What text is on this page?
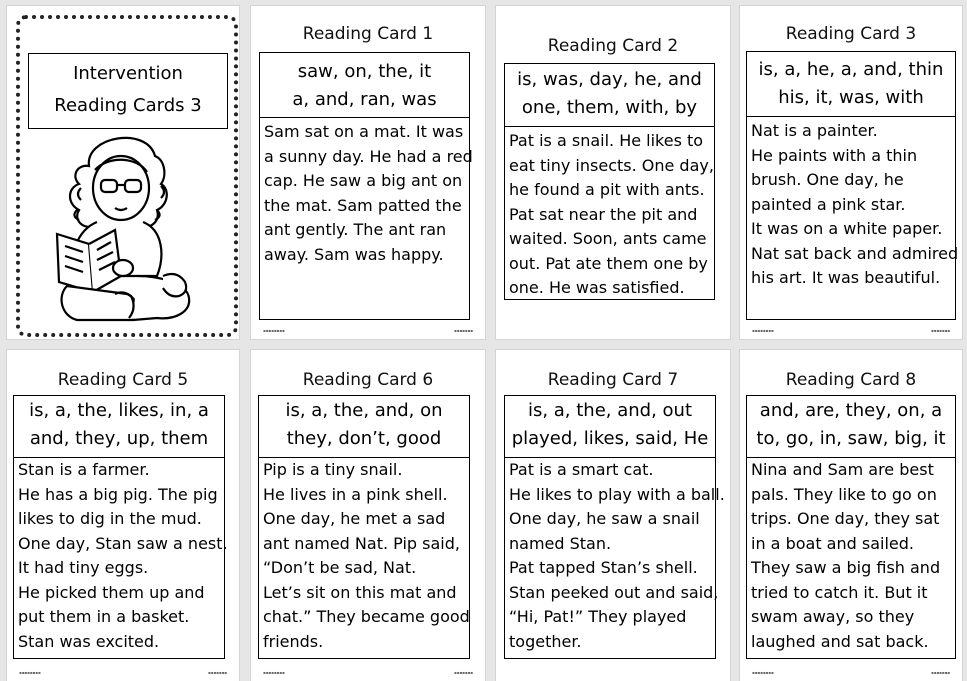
Intervention
Reading Cards 3
Reading Card 1
saw, on, the, it
a, and, ran, was
Sam sat on a mat. It was
a sunny day. He had a red
cap. He saw a big ant on
the mat. Sam patted the
ant gently. The ant ran
away. Sam was happy.
▪▪▪▪▪▪▪▪	▪▪▪▪▪▪▪
Reading Card 2
is, was, day, he, and
one, them, with, by
Pat is a snail. He likes to
eat tiny insects. One day,
he found a pit with ants.
Pat sat near the pit and
waited. Soon, ants came
out. Pat ate them one by
one. He was satisfied.
Reading Card 3
is, a, he, a, and, thin
his, it, was, with
Nat is a painter.
He paints with a thin
brush. One day, he
painted a pink star.
It was on a white paper.
Nat sat back and admired
his art. It was beautiful.
▪▪▪▪▪▪▪▪	▪▪▪▪▪▪▪
Reading Card 5
is, a, the, likes, in, a
and, they, up, them
Stan is a farmer.
He has a big pig. The pig
likes to dig in the mud.
One day, Stan saw a nest.
It had tiny eggs.
He picked them up and
put them in a basket.
Stan was excited.
▪▪▪▪▪▪▪▪	▪▪▪▪▪▪▪
Reading Card 6
is, a, the, and, on
they, don’t, good
Pip is a tiny snail.
He lives in a pink shell.
One day, he met a sad
ant named Nat. Pip said,
“Don’t be sad, Nat.
Let’s sit on this mat and
chat.” They became good
friends.
▪▪▪▪▪▪▪▪	▪▪▪▪▪▪▪
Reading Card 7
is, a, the, and, out
played, likes, said, He
Pat is a smart cat.
He likes to play with a ball.
One day, he saw a snail
named Stan.
Pat tapped Stan’s shell.
Stan peeked out and said,
“Hi, Pat!” They played
together.
Reading Card 8
and, are, they, on, a
to, go, in, saw, big, it
Nina and Sam are best
pals. They like to go on
trips. One day, they sat
in a boat and sailed.
They saw a big fish and
tried to catch it. But it
swam away, so they
laughed and sat back.
▪▪▪▪▪▪▪▪	▪▪▪▪▪▪▪
